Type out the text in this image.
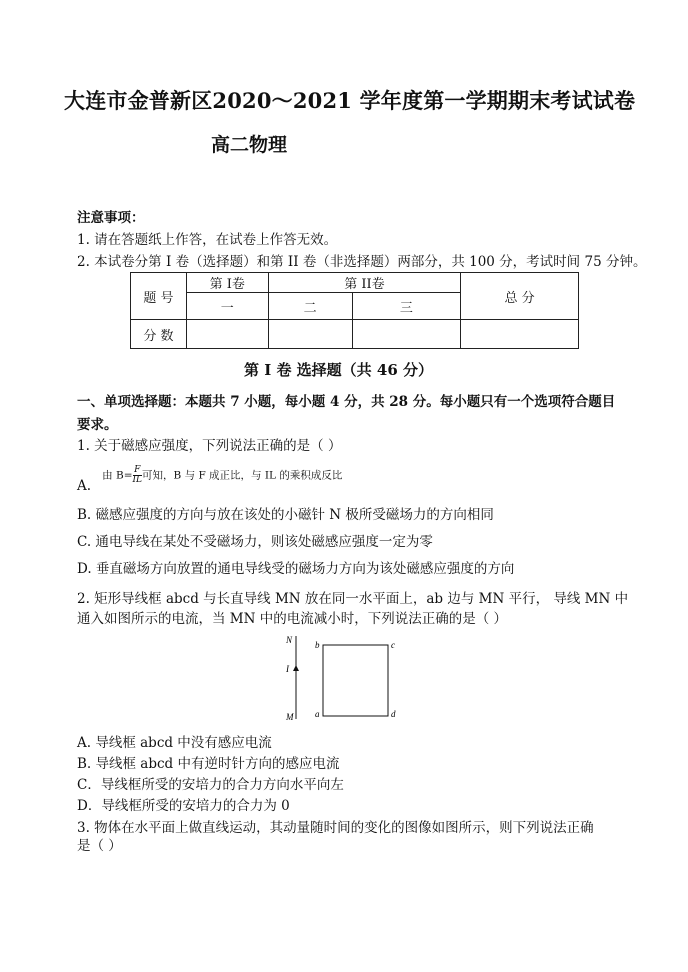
大连市金普新区2020～2021 学年度第一学期期末考试试卷
高二物理
注意事项：
1. 请在答题纸上作答，在试卷上作答无效。
2. 本试卷分第 I 卷（选择题）和第 II 卷（非选择题）两部分，共 100 分，考试时间 75 分钟。
题 号	第 I卷	第 II卷		总 分
	一	二	三	
分 数				
第 I 卷 选择题（共 46 分）
一、单项选择题：本题共 7 小题，每小题 4 分，共 28 分。每小题只有一个选项符合题目
要求。
1. 关于磁感应强度，下列说法正确的是（ ）
A. 由 $B= \frac{F}{IL}$ 可知，B 与 F 成正比，与 IL 的乘积成反比
B. 磁感应强度的方向与放在该处的小磁针 N 极所受磁场力的方向相同
C. 通电导线在某处不受磁场力，则该处磁感应强度一定为零
D. 垂直磁场方向放置的通电导线受的磁场力方向为该处磁感应强度的方向
2. 矩形导线框 abcd 与长直导线 MN 放在同一水平面上，ab 边与 MN 平行， 导线 MN 中
通入如图所示的电流，当 MN 中的电流减小时，下列说法正确的是（ ）
N
I
M
b	c
a	d
A. 导线框 abcd 中没有感应电流
B. 导线框 abcd 中有逆时针方向的感应电流
C．导线框所受的安培力的合力方向水平向左
D．导线框所受的安培力的合力为 0
3. 物体在水平面上做直线运动，其动量随时间的变化的图像如图所示，则下列说法正确
是（ ）
